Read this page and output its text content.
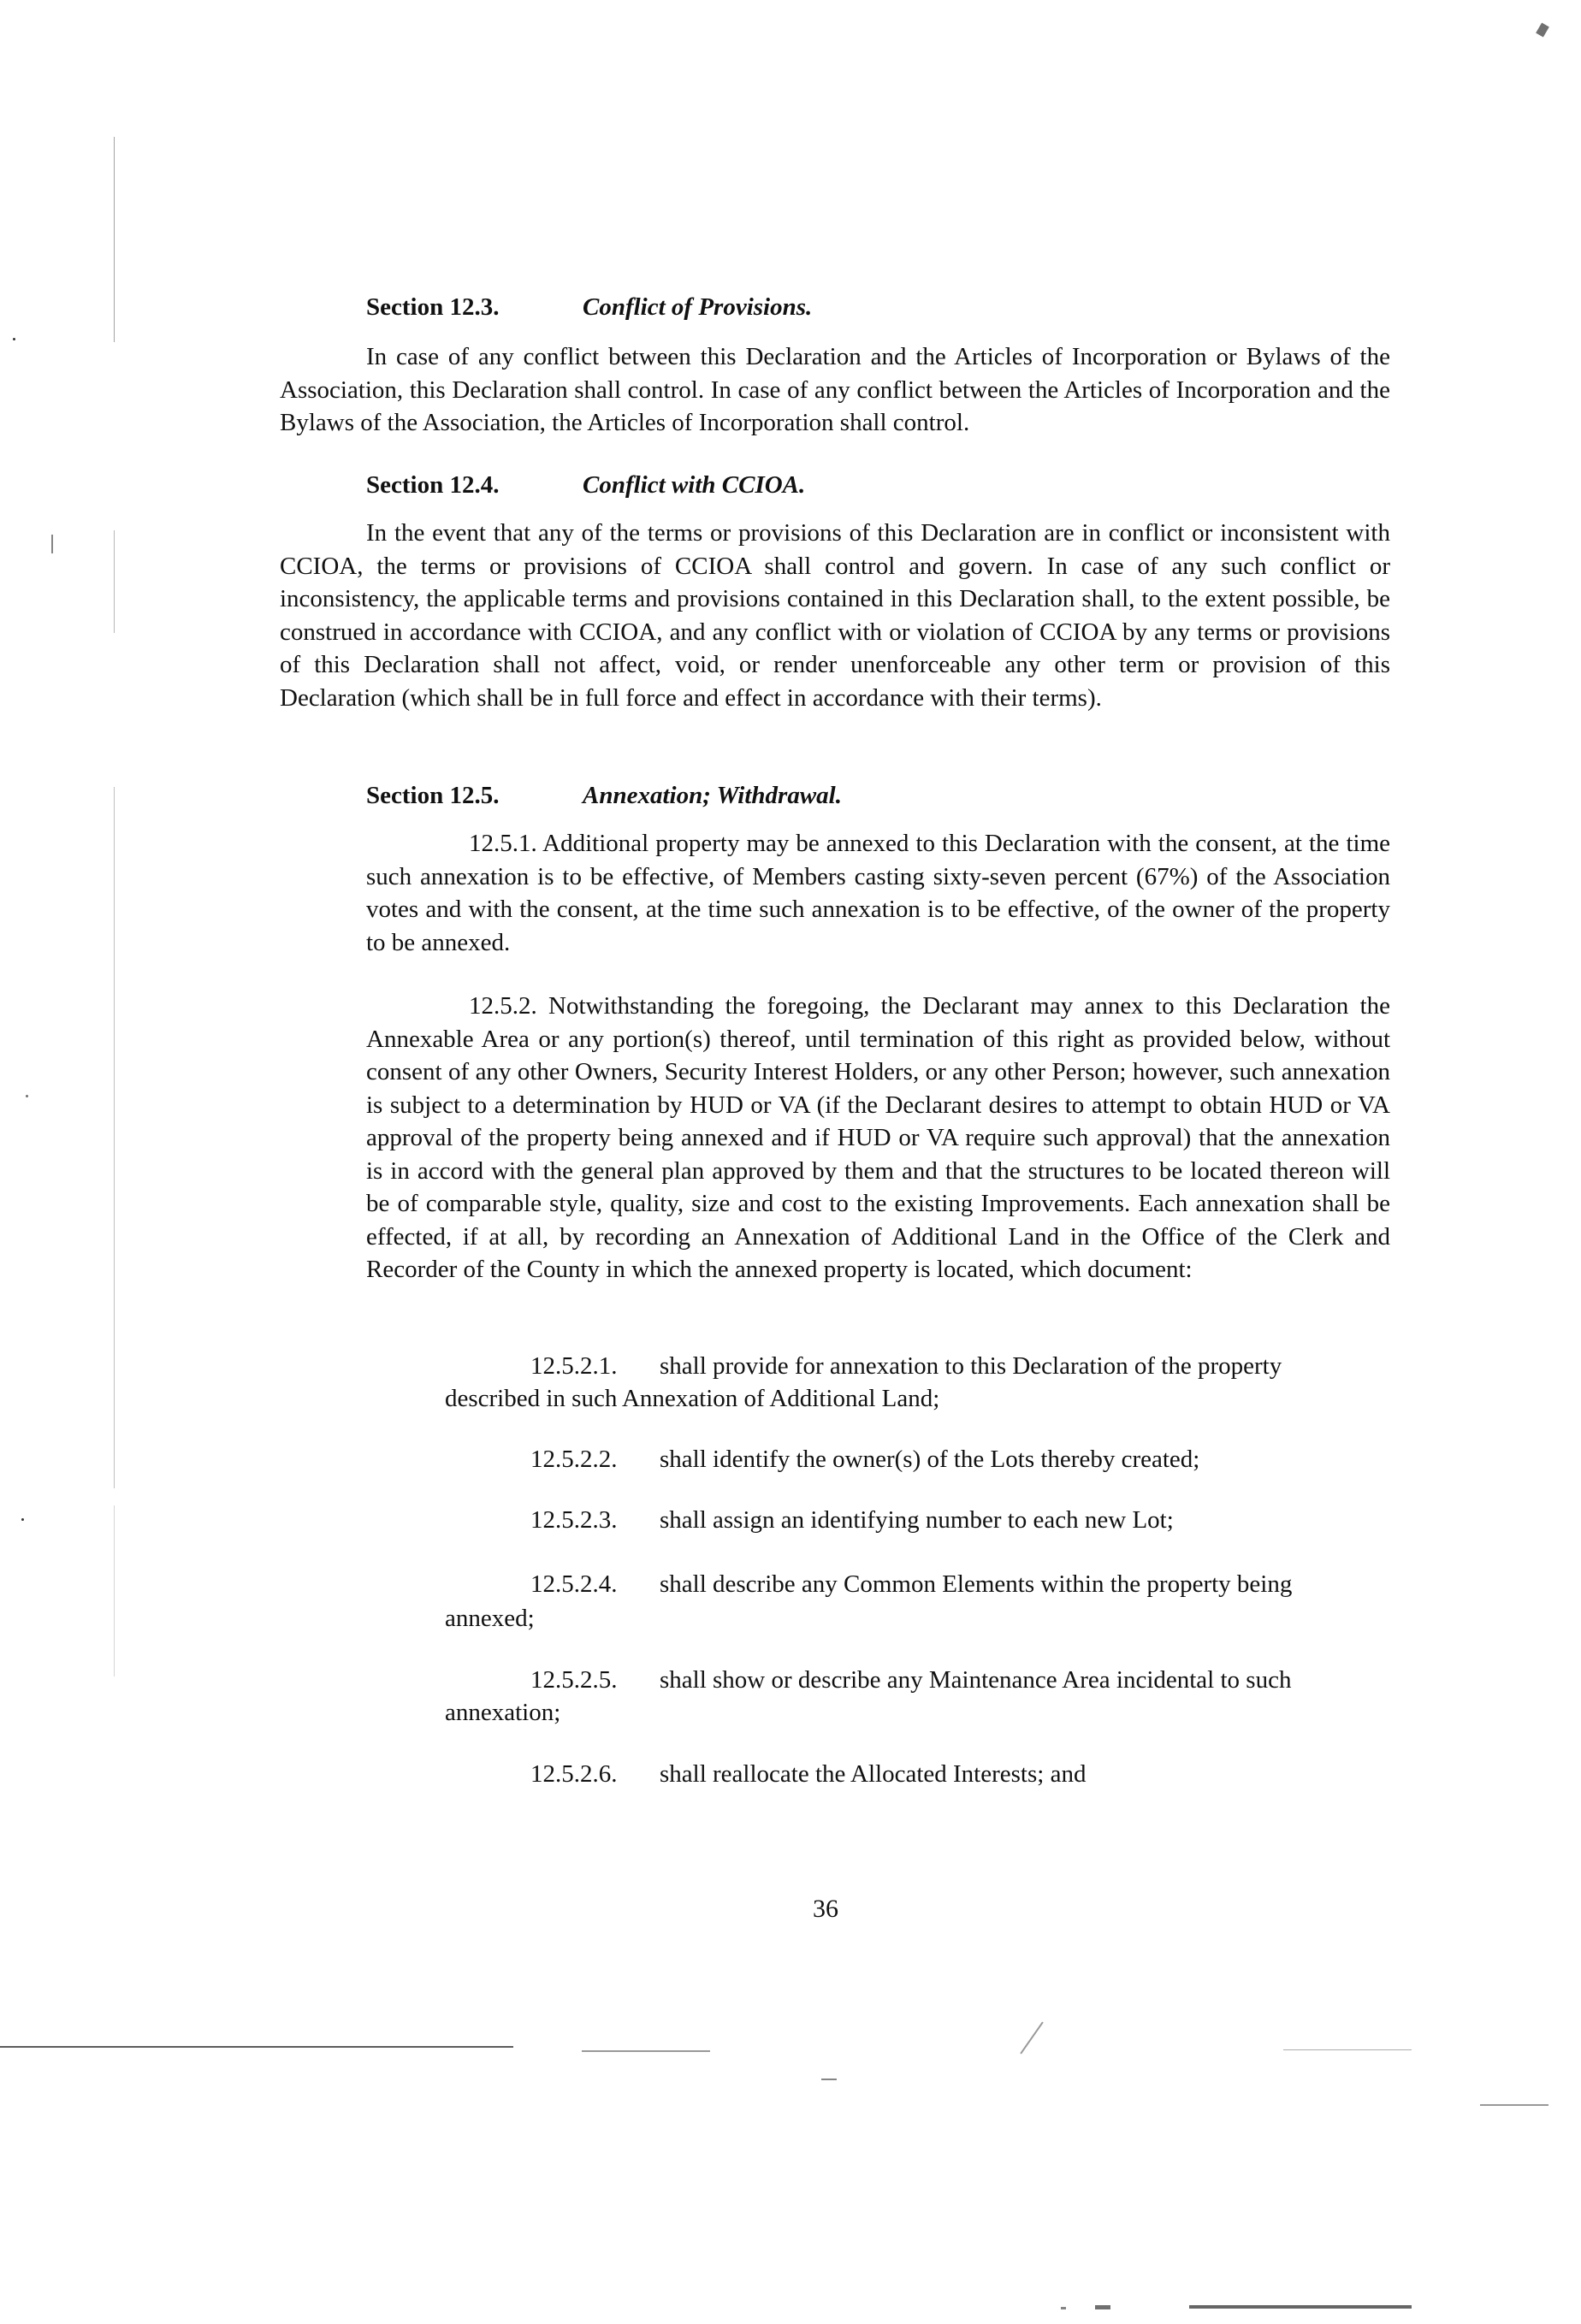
Section 12.3.	Conflict of Provisions.
In case of any conflict between this Declaration and the Articles of Incorporation or Bylaws of the Association, this Declaration shall control. In case of any conflict between the Articles of Incorporation and the Bylaws of the Association, the Articles of Incorporation shall control.
Section 12.4.	Conflict with CCIOA.
In the event that any of the terms or provisions of this Declaration are in conflict or inconsistent with CCIOA, the terms or provisions of CCIOA shall control and govern. In case of any such conflict or inconsistency, the applicable terms and provisions contained in this Declaration shall, to the extent possible, be construed in accordance with CCIOA, and any conflict with or violation of CCIOA by any terms or provisions of this Declaration shall not affect, void, or render unenforceable any other term or provision of this Declaration (which shall be in full force and effect in accordance with their terms).
Section 12.5.	Annexation; Withdrawal.
12.5.1. Additional property may be annexed to this Declaration with the consent, at the time such annexation is to be effective, of Members casting sixty-seven percent (67%) of the Association votes and with the consent, at the time such annexation is to be effective, of the owner of the property to be annexed.
12.5.2. Notwithstanding the foregoing, the Declarant may annex to this Declaration the Annexable Area or any portion(s) thereof, until termination of this right as provided below, without consent of any other Owners, Security Interest Holders, or any other Person; however, such annexation is subject to a determination by HUD or VA (if the Declarant desires to attempt to obtain HUD or VA approval of the property being annexed and if HUD or VA require such approval) that the annexation is in accord with the general plan approved by them and that the structures to be located thereon will be of comparable style, quality, size and cost to the existing Improvements. Each annexation shall be effected, if at all, by recording an Annexation of Additional Land in the Office of the Clerk and Recorder of the County in which the annexed property is located, which document:
12.5.2.1. shall provide for annexation to this Declaration of the property
described in such Annexation of Additional Land;
12.5.2.2. shall identify the owner(s) of the Lots thereby created;
12.5.2.3. shall assign an identifying number to each new Lot;
12.5.2.4. shall describe any Common Elements within the property being
annexed;
12.5.2.5. shall show or describe any Maintenance Area incidental to such
annexation;
12.5.2.6. shall reallocate the Allocated Interests; and
36
